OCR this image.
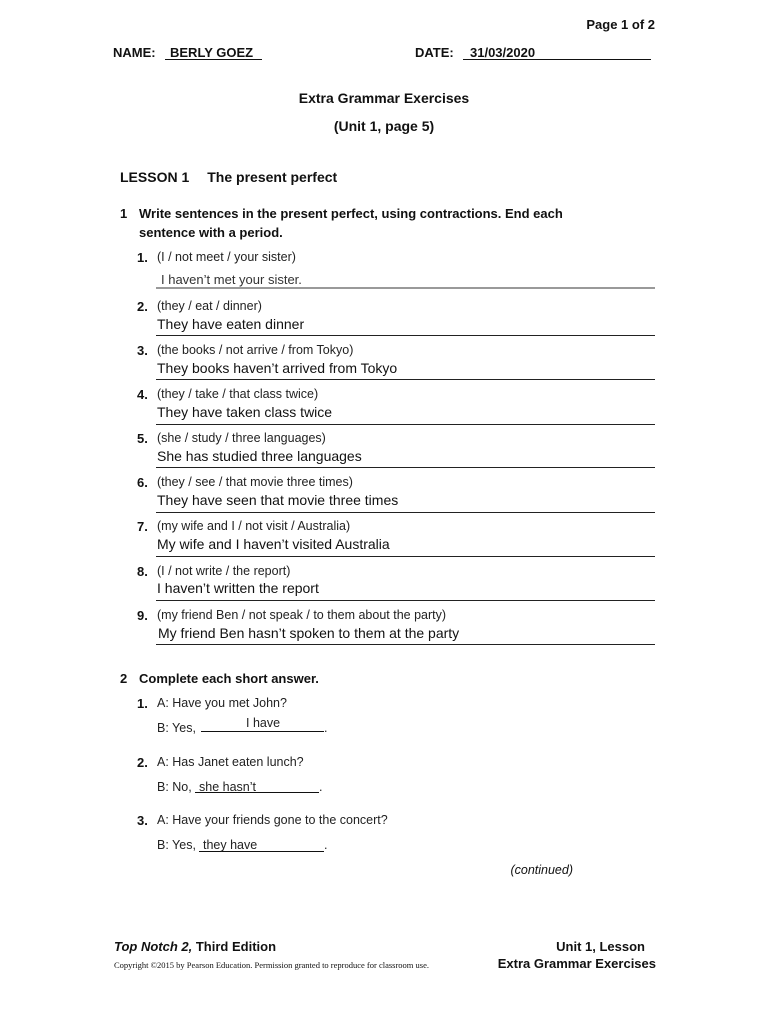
Page 1 of 2
NAME: BERLY GOEZ	DATE: 31/03/2020
Extra Grammar Exercises
(Unit 1, page 5)
LESSON 1 The present perfect
1 Write sentences in the present perfect, using contractions. End each
sentence with a period.
1. (I / not meet / your sister)
I haven’t met your sister.
2. (they / eat / dinner)
They have eaten dinner
3. (the books / not arrive / from Tokyo)
They books haven’t arrived from Tokyo
4. (they / take / that class twice)
They have taken class twice
5. (she / study / three languages)
She has studied three languages
6. (they / see / that movie three times)
They have seen that movie three times
7. (my wife and I / not visit / Australia)
My wife and I haven’t visited Australia
8. (I / not write / the report)
I haven’t written the report
9. (my friend Ben / not speak / to them about the party)
My friend Ben hasn’t spoken to them at the party
2 Complete each short answer.
1. A: Have you met John?
B: Yes,	I have	.
2. A: Has Janet eaten lunch?
B: No, she hasn’t	.
3. A: Have your friends gone to the concert?
B: Yes, they have	.
(continued)
Top Notch 2, Third Edition	Unit 1, Lesson
Copyright ©2015 by Pearson Education. Permission granted to reproduce for classroom use.	Extra Grammar Exercises
